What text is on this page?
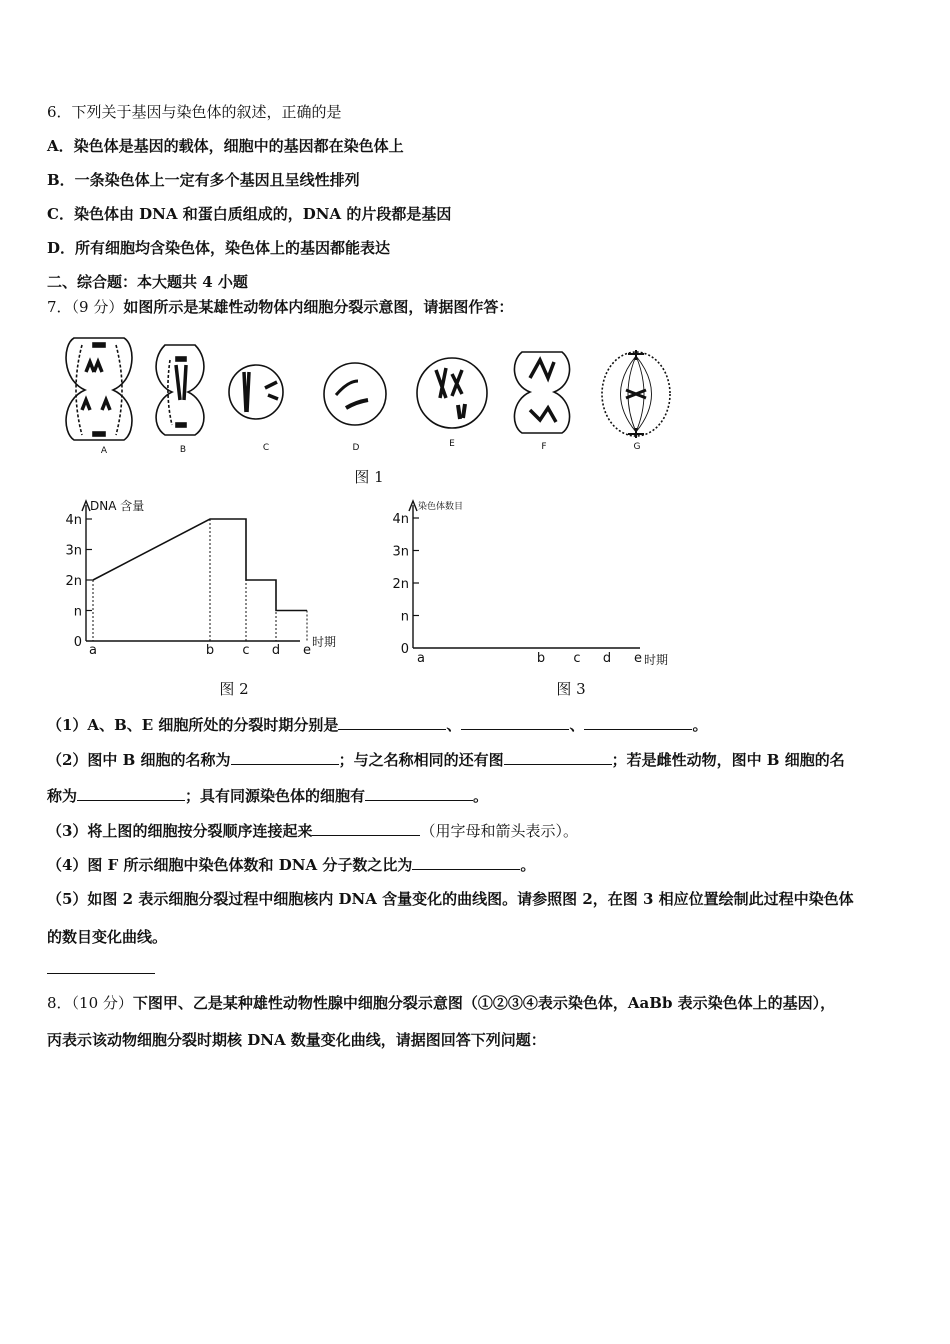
6．下列关于基因与染色体的叙述，正确的是
A．染色体是基因的载体，细胞中的基因都在染色体上
B．一条染色体上一定有多个基因且呈线性排列
C．染色体由 DNA 和蛋白质组成的，DNA 的片段都是基因
D．所有细胞均含染色体，染色体上的基因都能表达
二、综合题：本大题共 4 小题
7．（9 分）如图所示是某雄性动物体内细胞分裂示意图，请据图作答：
A	B	C	D	E	F	G
图 1
0
n
2n
3n
4n
0
n
2n
3n
4n
a	b c d e
a	b c d e
DNA 含量
时期
染色体数目
时期
图 2	图 3
（1）A、B、E 细胞所处的分裂时期分别是	、	、	。
（2）图中 B 细胞的名称为	；与之名称相同的还有图	；若是雌性动物，图中 B 细胞的名
称为	；具有同源染色体的细胞有	。
（3）将上图的细胞按分裂顺序连接起来	（用字母和箭头表示）。
（4）图 F 所示细胞中染色体数和 DNA 分子数之比为	。
（5）如图 2 表示细胞分裂过程中细胞核内 DNA 含量变化的曲线图。请参照图 2，在图 3 相应位置绘制此过程中染色体
的数目变化曲线。
8．（10 分）下图甲、乙是某种雄性动物性腺中细胞分裂示意图（①②③④表示染色体，AaBb 表示染色体上的基因），
丙表示该动物细胞分裂时期核 DNA 数量变化曲线，请据图回答下列问题：
